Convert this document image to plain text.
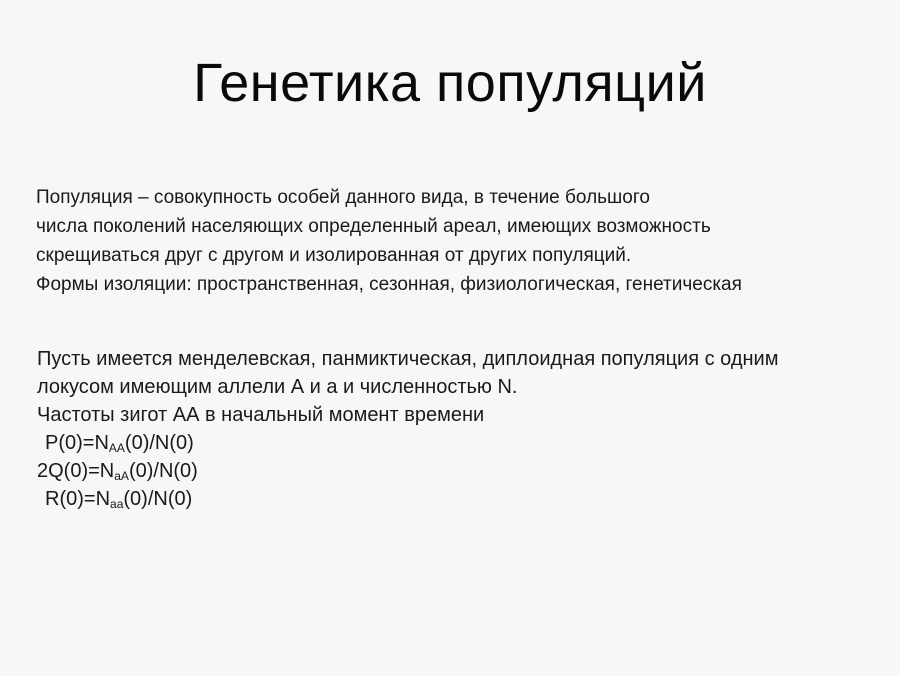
Генетика популяций
Популяция – совокупность особей данного вида, в течение большого
числа поколений населяющих определенный ареал, имеющих возможность
скрещиваться друг с другом и изолированная от других популяций.
Формы изоляции: пространственная, сезонная, физиологическая, генетическая
Пусть имеется менделевская, панмиктическая, диплоидная популяция с одним
локусом имеющим аллели А и а и численностью N.
Частоты зигот АА в начальный момент времени
$P(0)=N_{AA}(0)/N(0)$
$2Q(0)=N_{aA}(0)/N(0)$
$R(0)=N_{aa}(0)/N(0)$
